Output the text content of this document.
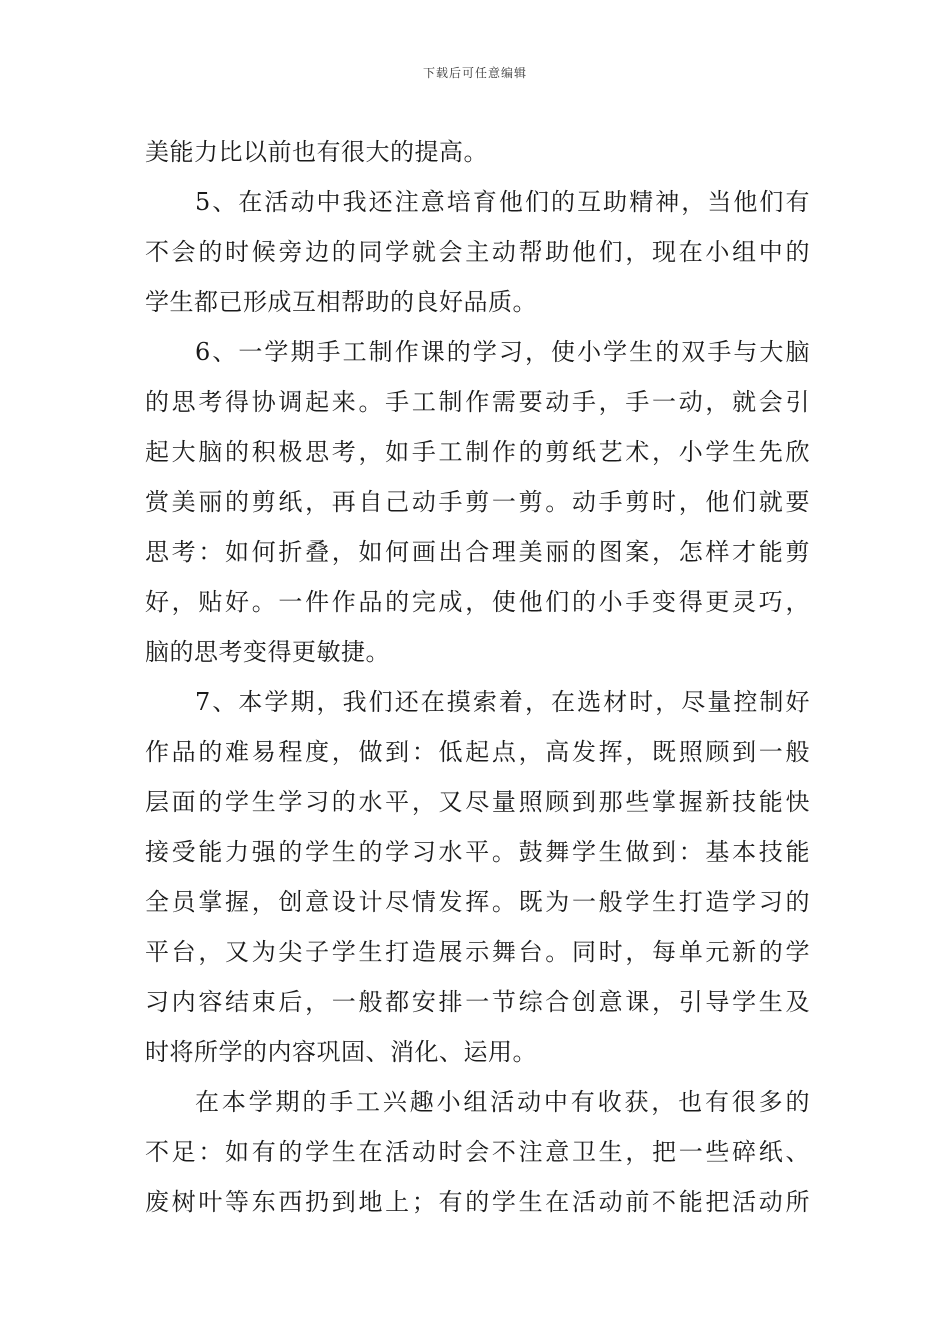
下载后可任意编辑
美能力比以前也有很大的提高。
5、在活动中我还注意培育他们的互助精神，当他们有
不会的时候旁边的同学就会主动帮助他们，现在小组中的
学生都已形成互相帮助的良好品质。
6、一学期手工制作课的学习，使小学生的双手与大脑
的思考得协调起来。手工制作需要动手，手一动，就会引
起大脑的积极思考，如手工制作的剪纸艺术，小学生先欣
赏美丽的剪纸，再自己动手剪一剪。动手剪时，他们就要
思考：如何折叠，如何画出合理美丽的图案，怎样才能剪
好，贴好。一件作品的完成，使他们的小手变得更灵巧，
脑的思考变得更敏捷。
7、本学期，我们还在摸索着，在选材时，尽量控制好
作品的难易程度，做到：低起点，高发挥，既照顾到一般
层面的学生学习的水平，又尽量照顾到那些掌握新技能快
接受能力强的学生的学习水平。鼓舞学生做到：基本技能
全员掌握，创意设计尽情发挥。既为一般学生打造学习的
平台，又为尖子学生打造展示舞台。同时，每单元新的学
习内容结束后，一般都安排一节综合创意课，引导学生及
时将所学的内容巩固、消化、运用。
在本学期的手工兴趣小组活动中有收获，也有很多的
不足：如有的学生在活动时会不注意卫生，把一些碎纸、
废树叶等东西扔到地上；有的学生在活动前不能把活动所
